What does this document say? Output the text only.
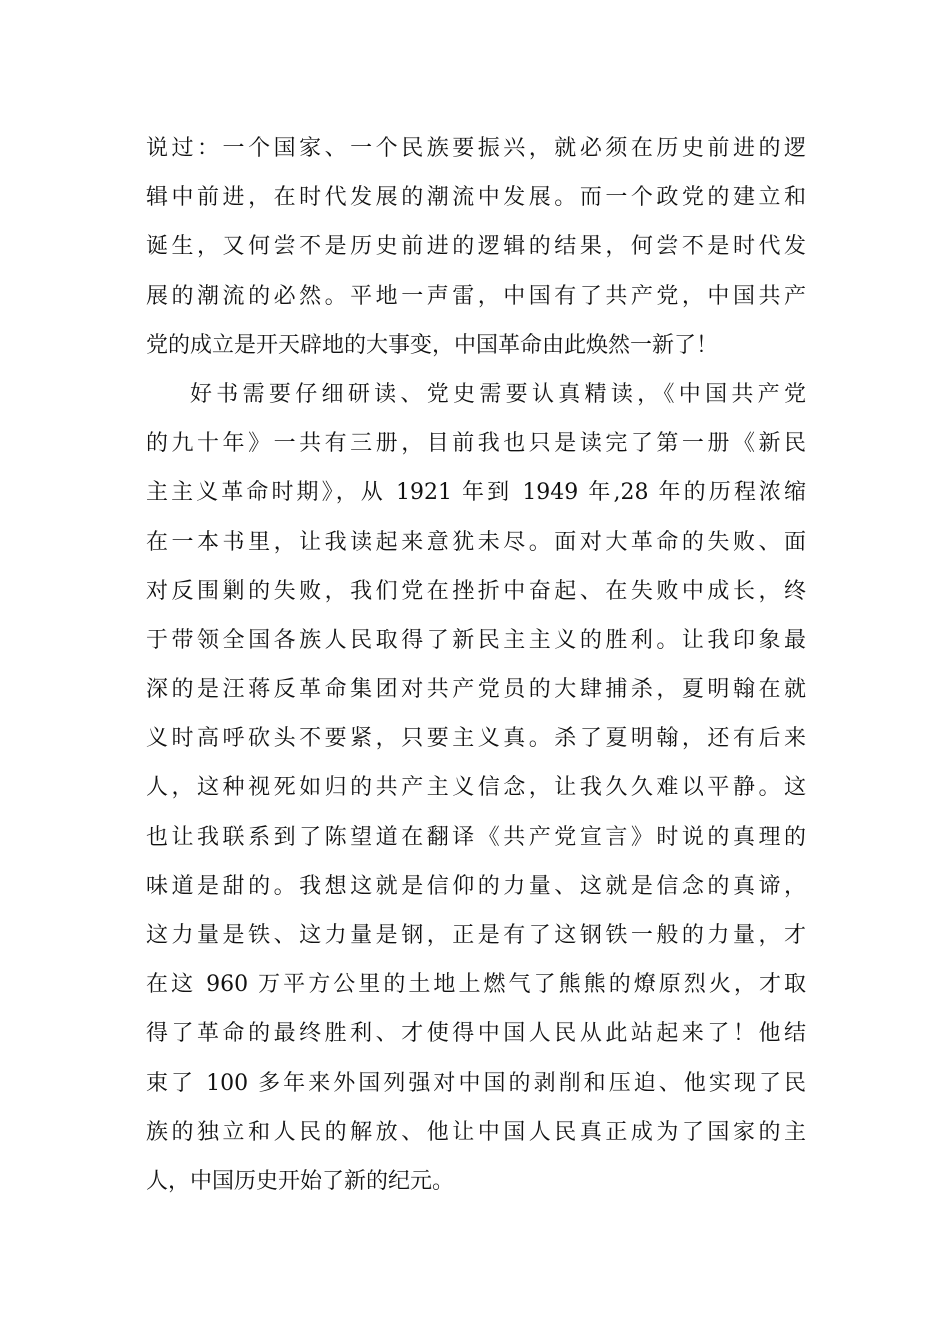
说过：一个国家、一个民族要振兴，就必须在历史前进的逻
辑中前进，在时代发展的潮流中发展。而一个政党的建立和
诞生，又何尝不是历史前进的逻辑的结果，何尝不是时代发
展的潮流的必然。平地一声雷，中国有了共产党，中国共产
党的成立是开天辟地的大事变，中国革命由此焕然一新了！
好书需要仔细研读、党史需要认真精读，《中国共产党
的九十年》一共有三册，目前我也只是读完了第一册《新民
主主义革命时期》，从 1921 年到 1949 年,28 年的历程浓缩
在一本书里，让我读起来意犹未尽。面对大革命的失败、面
对反围剿的失败，我们党在挫折中奋起、在失败中成长，终
于带领全国各族人民取得了新民主主义的胜利。让我印象最
深的是汪蒋反革命集团对共产党员的大肆捕杀，夏明翰在就
义时高呼砍头不要紧，只要主义真。杀了夏明翰，还有后来
人，这种视死如归的共产主义信念，让我久久难以平静。这
也让我联系到了陈望道在翻译《共产党宣言》时说的真理的
味道是甜的。我想这就是信仰的力量、这就是信念的真谛，
这力量是铁、这力量是钢，正是有了这钢铁一般的力量，才
在这 960 万平方公里的土地上燃气了熊熊的燎原烈火，才取
得了革命的最终胜利、才使得中国人民从此站起来了！他结
束了 100 多年来外国列强对中国的剥削和压迫、他实现了民
族的独立和人民的解放、他让中国人民真正成为了国家的主
人，中国历史开始了新的纪元。
